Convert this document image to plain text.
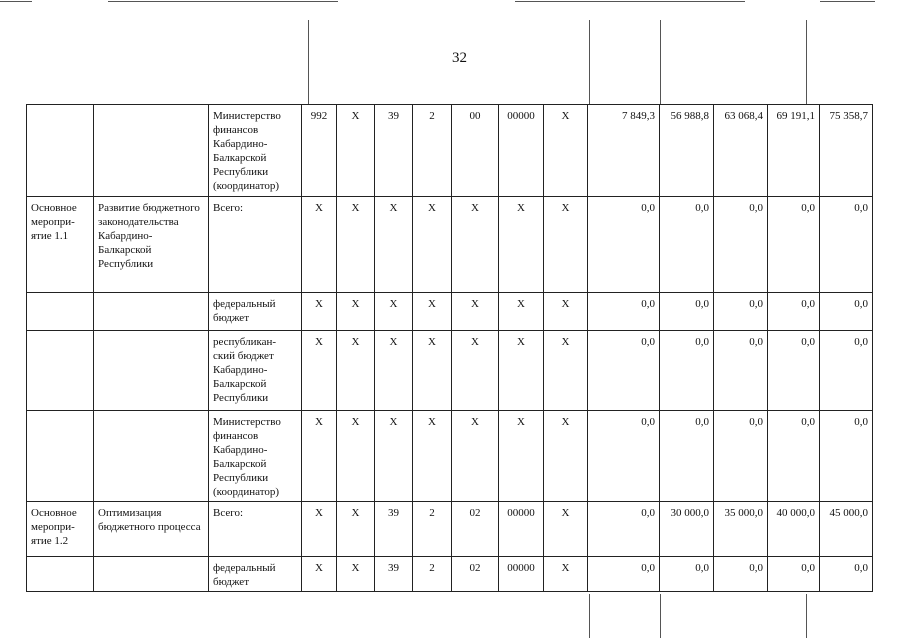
32
		Министерство финансов Кабардино-Балкарской Республики (координатор)	992	Х	39	2	00	00000	Х	7 849,3	56 988,8	63 068,4	69 191,1	75 358,7
Основное меропри-ятие 1.1	Развитие бюджетного законодательства Кабардино-Балкарской Республики	Всего:	Х	Х	Х	Х	Х	Х	Х	0,0	0,0	0,0	0,0	0,0
		федеральный бюджет	Х	Х	Х	Х	Х	Х	Х	0,0	0,0	0,0	0,0	0,0
		республикан-ский бюджет Кабардино-Балкарской Республики	Х	Х	Х	Х	Х	Х	Х	0,0	0,0	0,0	0,0	0,0
		Министерство финансов Кабардино-Балкарской Республики (координатор)	Х	Х	Х	Х	Х	Х	Х	0,0	0,0	0,0	0,0	0,0
Основное меропри-ятие 1.2	Оптимизация бюджетного процесса	Всего:	Х	Х	39	2	02	00000	Х	0,0	30 000,0	35 000,0	40 000,0	45 000,0
		федеральный бюджет	Х	Х	39	2	02	00000	Х	0,0	0,0	0,0	0,0	0,0
